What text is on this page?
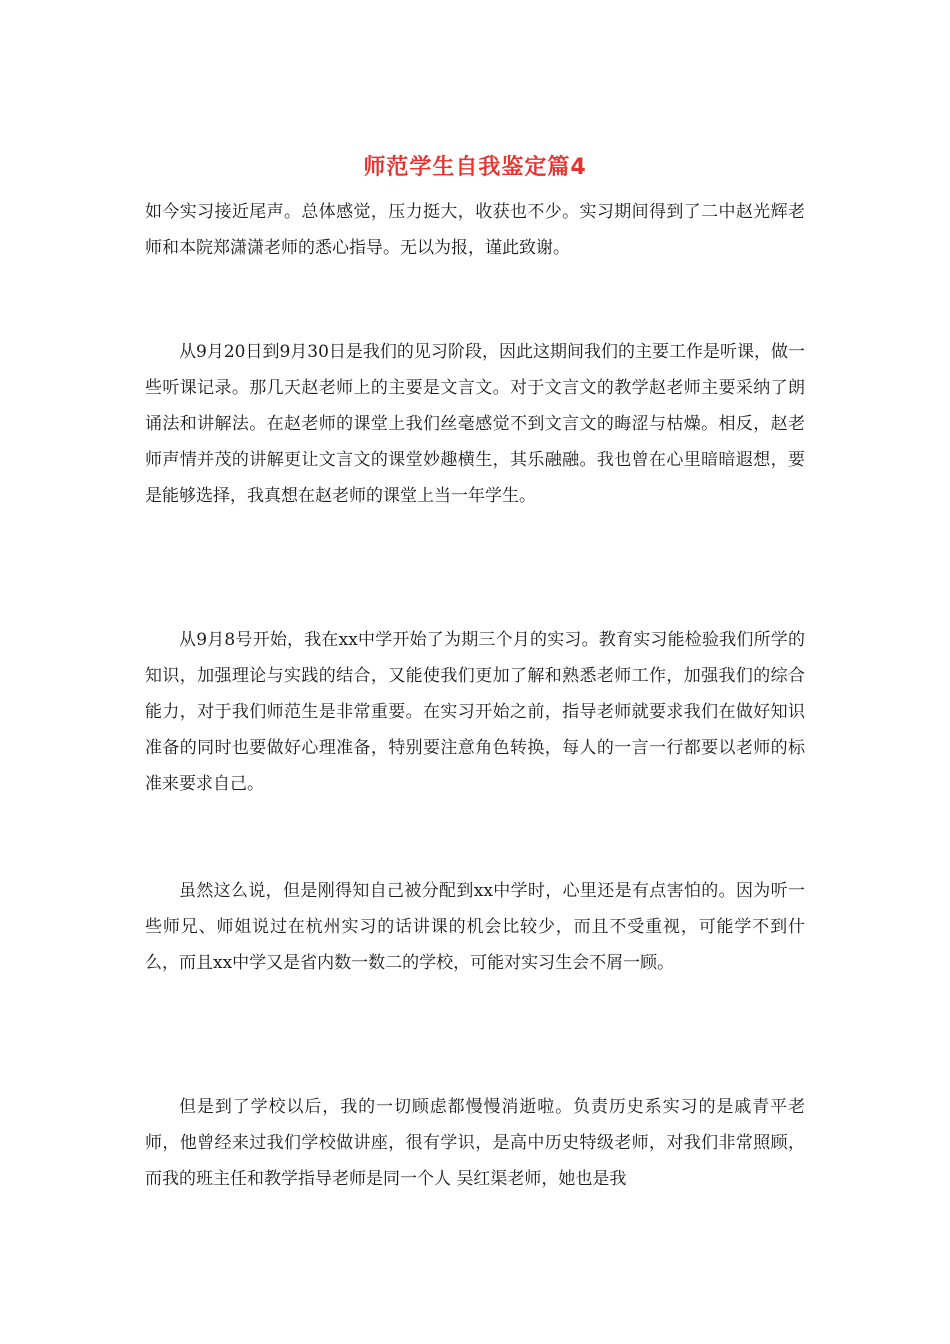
师范学生自我鉴定篇4

如今实习接近尾声。总体感觉，压力挺大，收获也不少。实习期间得到了二中赵光辉老师和本院郑潇潇老师的悉心指导。无以为报，谨此致谢。

从9月20日到9月30日是我们的见习阶段，因此这期间我们的主要工作是听课，做一些听课记录。那几天赵老师上的主要是文言文。对于文言文的教学赵老师主要采纳了朗诵法和讲解法。在赵老师的课堂上我们丝毫感觉不到文言文的晦涩与枯燥。相反，赵老师声情并茂的讲解更让文言文的课堂妙趣横生，其乐融融。我也曾在心里暗暗遐想，要是能够选择，我真想在赵老师的课堂上当一年学生。

从9月8号开始，我在xx中学开始了为期三个月的实习。教育实习能检验我们所学的知识，加强理论与实践的结合，又能使我们更加了解和熟悉老师工作，加强我们的综合能力，对于我们师范生是非常重要。在实习开始之前，指导老师就要求我们在做好知识准备的同时也要做好心理准备，特别要注意角色转换，每人的一言一行都要以老师的标准来要求自己。

虽然这么说，但是刚得知自己被分配到xx中学时，心里还是有点害怕的。因为听一些师兄、师姐说过在杭州实习的话讲课的机会比较少，而且不受重视，可能学不到什么，而且xx中学又是省内数一数二的学校，可能对实习生会不屑一顾。

但是到了学校以后，我的一切顾虑都慢慢消逝啦。负责历史系实习的是戚青平老师，他曾经来过我们学校做讲座，很有学识，是高中历史特级老师，对我们非常照顾，而我的班主任和教学指导老师是同一个人 吴红渠老师，她也是我
